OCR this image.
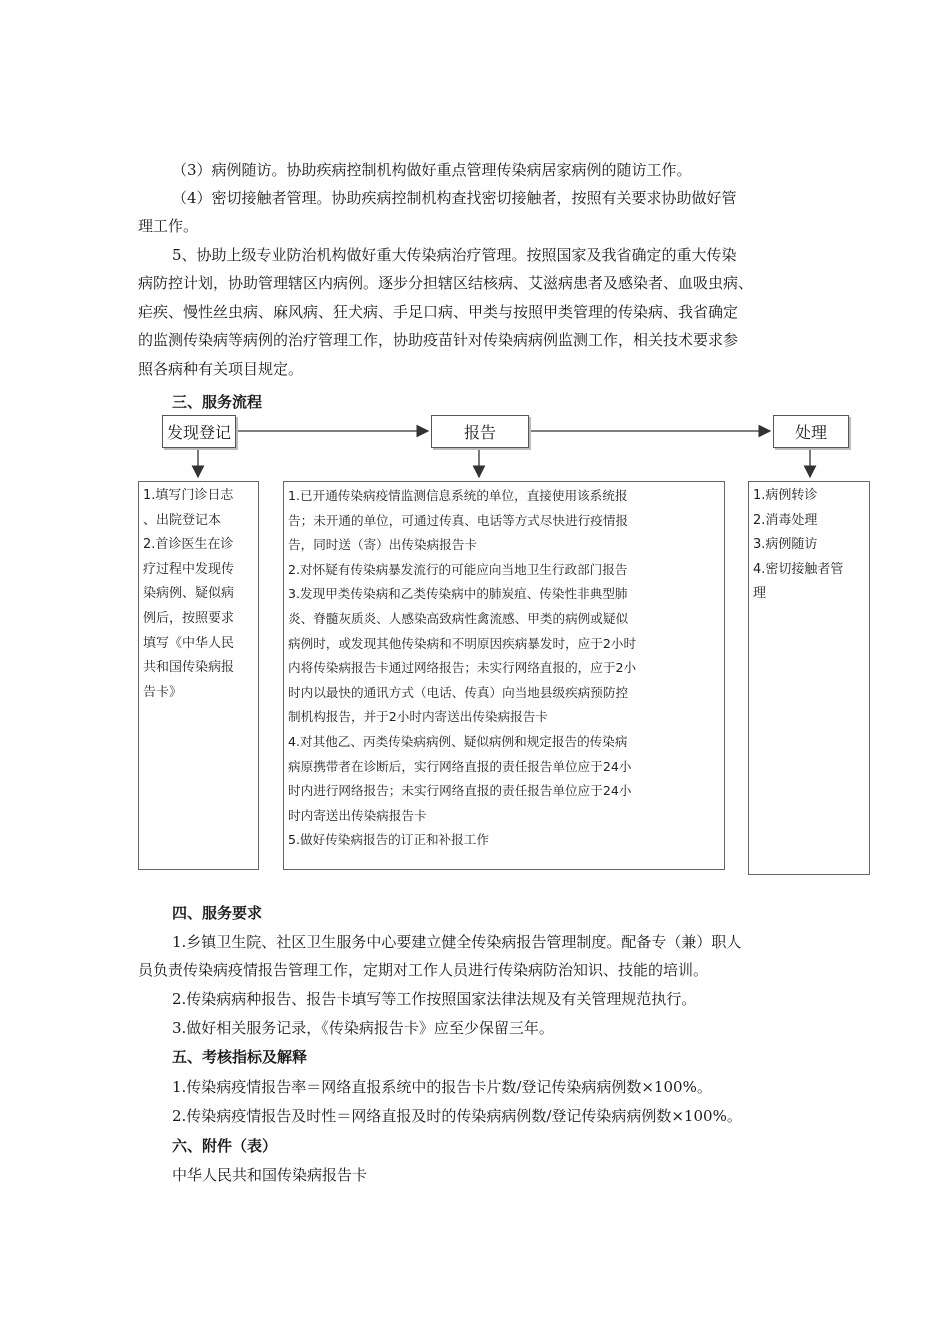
（3）病例随访。协助疾病控制机构做好重点管理传染病居家病例的随访工作。
（4）密切接触者管理。协助疾病控制机构查找密切接触者，按照有关要求协助做好管
理工作。
5、协助上级专业防治机构做好重大传染病治疗管理。按照国家及我省确定的重大传染
病防控计划，协助管理辖区内病例。逐步分担辖区结核病、艾滋病患者及感染者、血吸虫病、
疟疾、慢性丝虫病、麻风病、狂犬病、手足口病、甲类与按照甲类管理的传染病、我省确定
的监测传染病等病例的治疗管理工作，协助疫苗针对传染病病例监测工作，相关技术要求参
照各病种有关项目规定。
三、服务流程
发现登记	报告	处理
1.填写门诊日志
、出院登记本
2.首诊医生在诊
疗过程中发现传
染病例、疑似病
例后，按照要求
填写《中华人民
共和国传染病报
告卡》
1.已开通传染病疫情监测信息系统的单位，直接使用该系统报
告；未开通的单位，可通过传真、电话等方式尽快进行疫情报
告，同时送（寄）出传染病报告卡
2.对怀疑有传染病暴发流行的可能应向当地卫生行政部门报告
3.发现甲类传染病和乙类传染病中的肺炭疽、传染性非典型肺
炎、脊髓灰质炎、人感染高致病性禽流感、甲类的病例或疑似
病例时，或发现其他传染病和不明原因疾病暴发时，应于2小时
内将传染病报告卡通过网络报告；未实行网络直报的，应于2小
时内以最快的通讯方式（电话、传真）向当地县级疾病预防控
制机构报告，并于2小时内寄送出传染病报告卡
4.对其他乙、丙类传染病病例、疑似病例和规定报告的传染病
病原携带者在诊断后，实行网络直报的责任报告单位应于24小
时内进行网络报告；未实行网络直报的责任报告单位应于24小
时内寄送出传染病报告卡
5.做好传染病报告的订正和补报工作
1.病例转诊
2.消毒处理
3.病例随访
4.密切接触者管
理
四、服务要求
1.乡镇卫生院、社区卫生服务中心要建立健全传染病报告管理制度。配备专（兼）职人
员负责传染病疫情报告管理工作，定期对工作人员进行传染病防治知识、技能的培训。
2.传染病病种报告、报告卡填写等工作按照国家法律法规及有关管理规范执行。
3.做好相关服务记录，《传染病报告卡》应至少保留三年。
五、考核指标及解释
1.传染病疫情报告率＝网络直报系统中的报告卡片数/登记传染病病例数×100%。
2.传染病疫情报告及时性＝网络直报及时的传染病病例数/登记传染病病例数×100%。
六、附件（表）
中华人民共和国传染病报告卡
